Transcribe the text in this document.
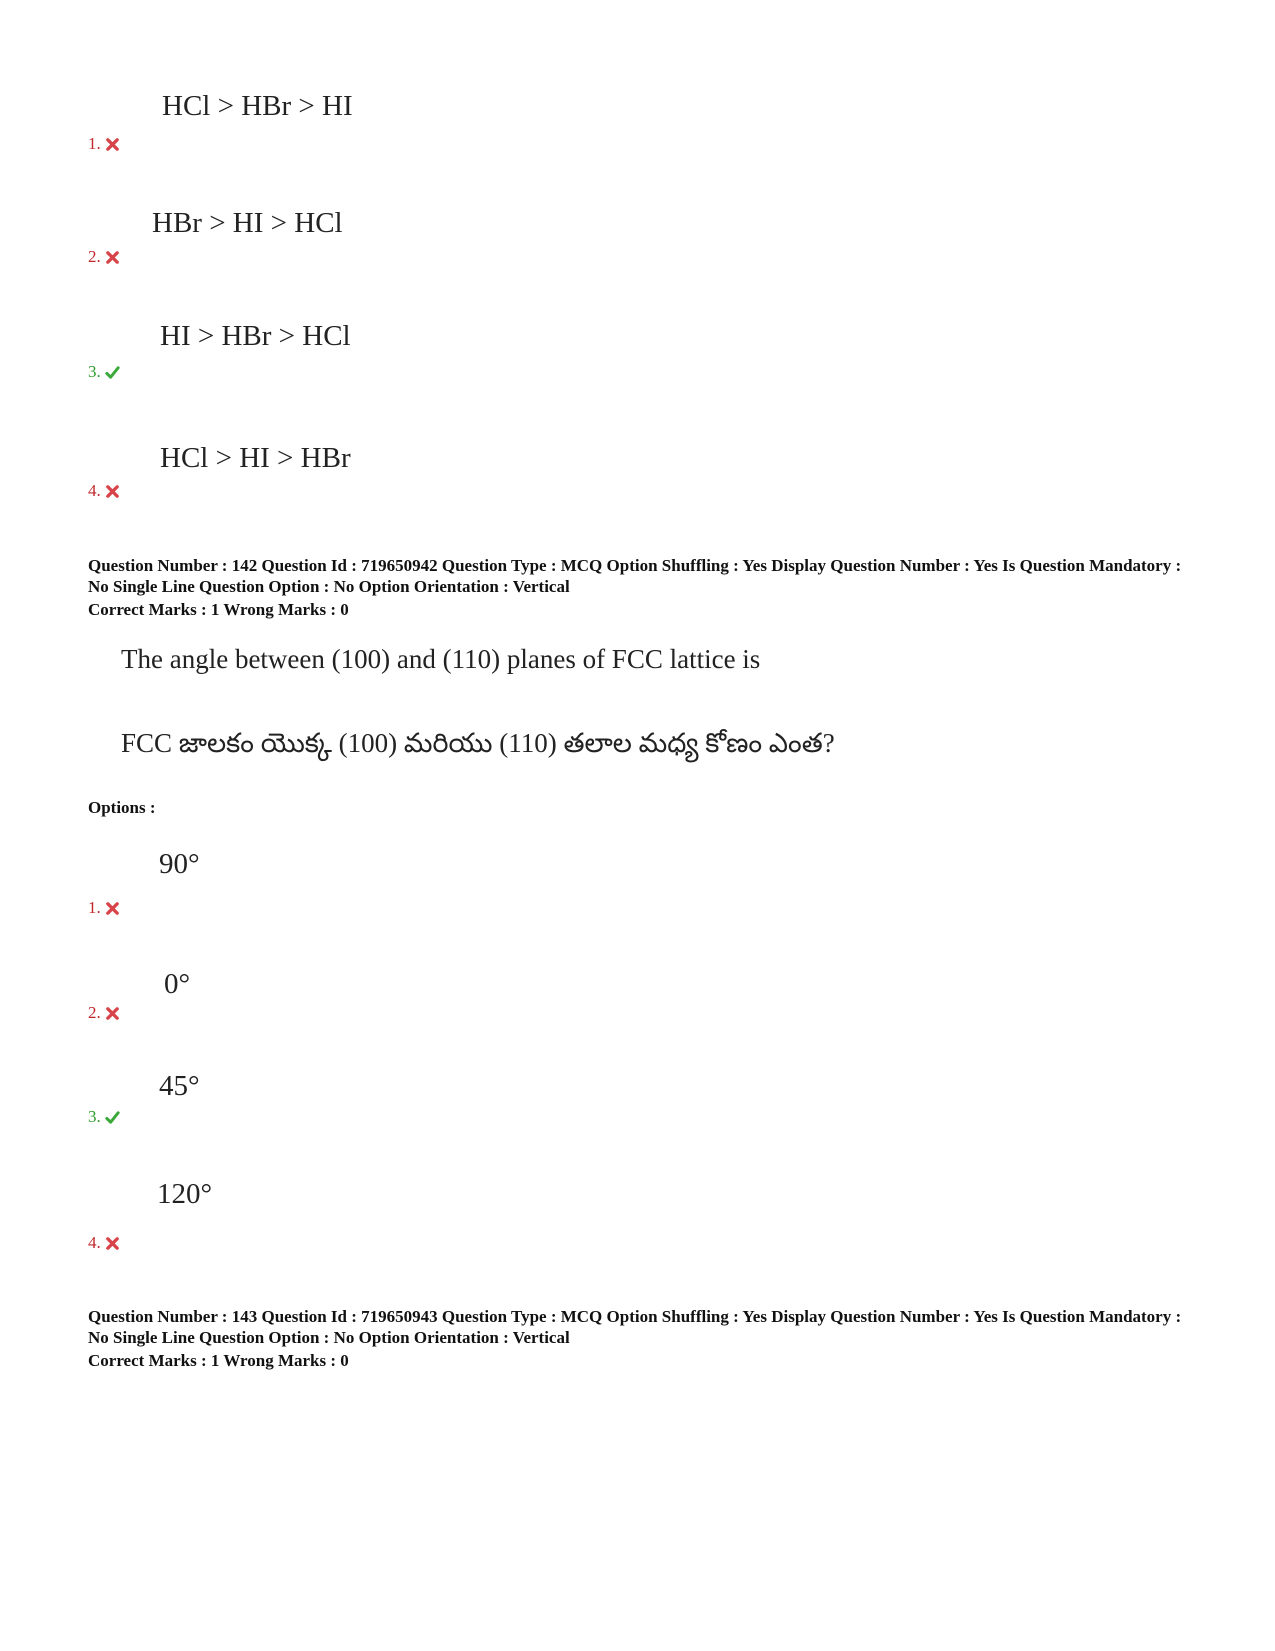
HCl > HBr > HI
1.
HBr > HI > HCl
2.
HI > HBr > HCl
3.
HCl > HI > HBr
4.
Question Number : 142 Question Id : 719650942 Question Type : MCQ Option Shuffling : Yes Display Question Number : Yes Is Question Mandatory : No Single Line Question Option : No Option Orientation : Vertical
Correct Marks : 1 Wrong Marks : 0
The angle between (100) and (110) planes of FCC lattice is
FCC జాలకం యొక్క (100) మరియు (110) తలాల మధ్య కోణం ఎంత?
Options :
90°
1.
0°
2.
45°
3.
120°
4.
Question Number : 143 Question Id : 719650943 Question Type : MCQ Option Shuffling : Yes Display Question Number : Yes Is Question Mandatory : No Single Line Question Option : No Option Orientation : Vertical
Correct Marks : 1 Wrong Marks : 0
